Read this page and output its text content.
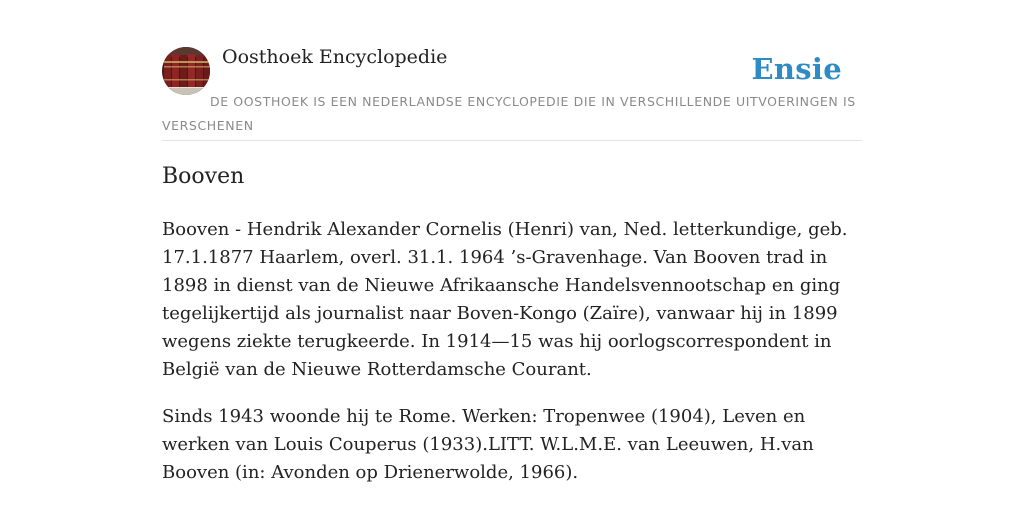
Oosthoek Encyclopedie	Ensie
DE OOSTHOEK IS EEN NEDERLANDSE ENCYCLOPEDIE DIE IN VERSCHILLENDE UITVOERINGEN IS VERSCHENEN
Booven

Booven - Hendrik Alexander Cornelis (Henri) van, Ned. letterkundige, geb. 17.1.1877 Haarlem, overl. 31.1. 1964 ’s-Gravenhage. Van Booven trad in 1898 in dienst van de Nieuwe Afrikaansche Handelsvennootschap en ging tegelijkertijd als journalist naar Boven-Kongo (Zaïre), vanwaar hij in 1899 wegens ziekte terugkeerde. In 1914—15 was hij oorlogscorrespondent in België van de Nieuwe Rotterdamsche Courant.

Sinds 1943 woonde hij te Rome. Werken: Tropenwee (1904), Leven en werken van Louis Couperus (1933).LITT. W.L.M.E. van Leeuwen, H.van Booven (in: Avonden op Drienerwolde, 1966).
